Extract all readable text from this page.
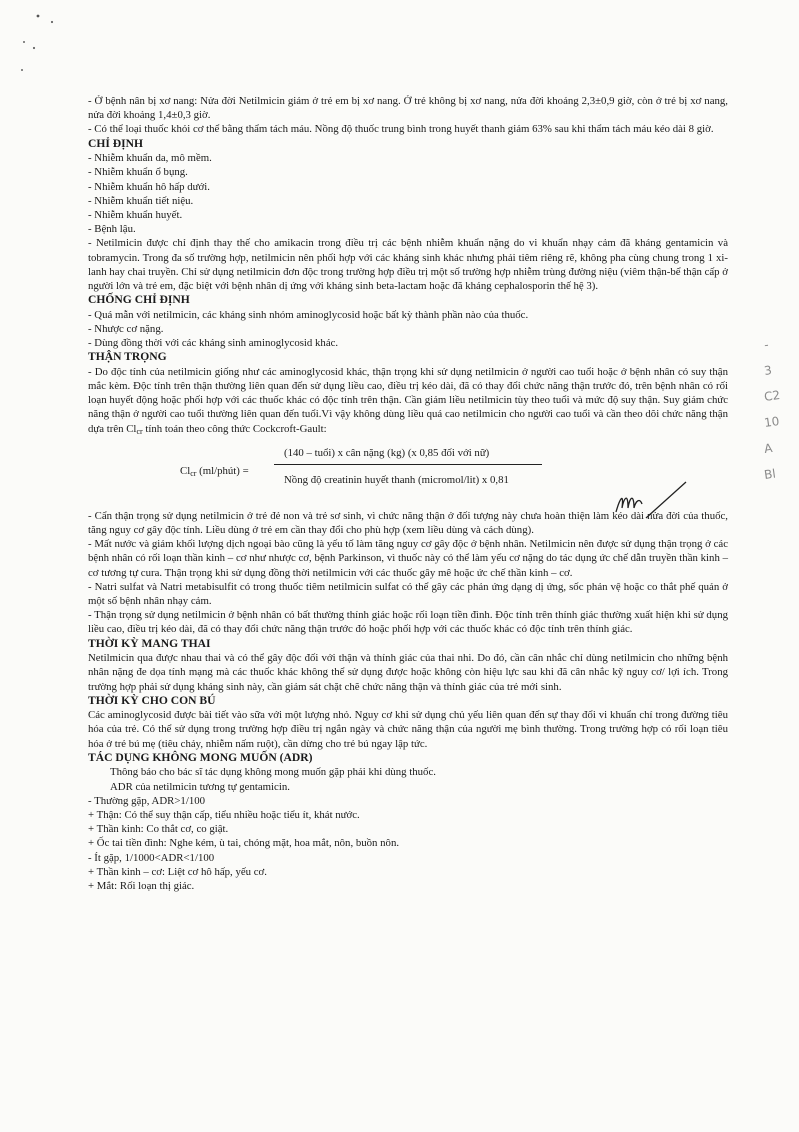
- Ở bệnh nân bị xơ nang: Nửa đời Netilmicin giảm ở trẻ em bị xơ nang. Ở trẻ không bị xơ nang, nửa đời khoảng 2,3±0,9 giờ, còn ở trẻ bị xơ nang, nửa đời khoảng 1,4±0,3 giờ.

- Có thể loại thuốc khỏi cơ thể bằng thẩm tách máu. Nồng độ thuốc trung bình trong huyết thanh giảm 63% sau khi thẩm tách máu kéo dài 8 giờ.

CHỈ ĐỊNH

- Nhiễm khuẩn da, mô mềm.

- Nhiễm khuẩn ổ bụng.

- Nhiễm khuẩn hô hấp dưới.

- Nhiễm khuẩn tiết niệu.

- Nhiễm khuẩn huyết.

- Bệnh lậu.

- Netilmicin được chỉ định thay thế cho amikacin trong điều trị các bệnh nhiễm khuẩn nặng do vi khuẩn nhạy cảm đã kháng gentamicin và tobramycin. Trong đa số trường hợp, netilmicin nên phối hợp với các kháng sinh khác nhưng phải tiêm riêng rẽ, không pha cùng chung trong 1 xi-lanh hay chai truyền. Chỉ sử dụng netilmicin đơn độc trong trường hợp điều trị một số trường hợp nhiễm trùng đường niệu (viêm thận-bể thận cấp ở người lớn và trẻ em, đặc biệt với bệnh nhân dị ứng với kháng sinh beta-lactam hoặc đã kháng cephalosporin thế hệ 3).

CHỐNG CHỈ ĐỊNH

- Quá mẫn với netilmicin, các kháng sinh nhóm aminoglycosid hoặc bất kỳ thành phần nào của thuốc.

- Nhược cơ nặng.

- Dùng đồng thời với các kháng sinh aminoglycosid khác.

THẬN TRỌNG

- Do độc tính của netilmicin giống như các aminoglycosid khác, thận trọng khi sử dụng netilmicin ở người cao tuổi hoặc ở bệnh nhân có suy thận mắc kèm. Độc tính trên thận thường liên quan đến sử dụng liều cao, điều trị kéo dài, đã có thay đổi chức năng thận trước đó, trên bệnh nhân có rối loạn huyết động hoặc phối hợp với các thuốc khác có độc tính trên thận. Cần giảm liều netilmicin tùy theo tuổi và mức độ suy thận. Suy giảm chức năng thận ở người cao tuổi thường liên quan đến tuổi.Vì vậy không dùng liều quá cao netilmicin cho người cao tuổi và cần theo dõi chức năng thận dựa trên $Cl_{cr}$ tính toán theo công thức Cockcroft-Gault:

$Cl_{cr}$ (ml/phút) =
(140 – tuổi) x cân nặng (kg) (x 0,85 đối với nữ)
Nồng độ creatinin huyết thanh (micromol/lit) x 0,81

- Cẩn thận trọng sử dụng netilmicin ở trẻ đẻ non và trẻ sơ sinh, vì chức năng thận ở đối tượng này chưa hoàn thiện làm kéo dài nửa đời của thuốc, tăng nguy cơ gây độc tính. Liều dùng ở trẻ em cần thay đổi cho phù hợp (xem liều dùng và cách dùng).

- Mất nước và giảm khối lượng dịch ngoại bào cũng là yếu tố làm tăng nguy cơ gây độc ở bệnh nhân. Netilmicin nên được sử dụng thận trọng ở các bệnh nhân có rối loạn thần kinh – cơ như nhược cơ, bệnh Parkinson, vì thuốc này có thể làm yếu cơ nặng do tác dụng ức chế dẫn truyền thần kinh – cơ tương tự cura. Thận trọng khi sử dụng đồng thời netilmicin với các thuốc gây mê hoặc ức chế thần kinh – cơ.

- Natri sulfat và Natri metabisulfit có trong thuốc tiêm netilmicin sulfat có thể gây các phản ứng dạng dị ứng, sốc phản vệ hoặc co thắt phế quản ở một số bệnh nhân nhạy cảm.

- Thận trọng sử dụng netilmicin ở bệnh nhân có bất thường thính giác hoặc rối loạn tiền đình. Độc tính trên thính giác thường xuất hiện khi sử dụng liều cao, điều trị kéo dài, đã có thay đổi chức năng thận trước đó hoặc phối hợp với các thuốc khác có độc tính trên thính giác.

THỜI KỲ MANG THAI

Netilmicin qua được nhau thai và có thể gây độc đối với thận và thính giác của thai nhi. Do đó, cần cân nhắc chỉ dùng netilmicin cho những bệnh nhân nặng đe dọa tính mạng mà các thuốc khác không thể sử dụng được hoặc không còn hiệu lực sau khi đã cân nhắc kỹ nguy cơ/ lợi ích. Trong trường hợp phải sử dụng kháng sinh này, cần giảm sát chặt chẽ chức năng thận và thính giác của trẻ mới sinh.

THỜI KỲ CHO CON BÚ

Các aminoglycosid được bài tiết vào sữa với một lượng nhỏ. Nguy cơ khi sử dụng chủ yếu liên quan đến sự thay đổi vi khuẩn chí trong đường tiêu hóa của trẻ. Có thể sử dụng trong trường hợp điều trị ngắn ngày và chức năng thận của người mẹ bình thường. Trong trường hợp có rối loạn tiêu hóa ở trẻ bú mẹ (tiêu chảy, nhiễm nấm ruột), cần dừng cho trẻ bú ngay lập tức.

TÁC DỤNG KHÔNG MONG MUỐN (ADR)

Thông báo cho bác sĩ tác dụng không mong muốn gặp phải khi dùng thuốc.

ADR của netilmicin tương tự gentamicin.

- Thường gặp, ADR>1/100

+ Thận: Có thể suy thận cấp, tiểu nhiều hoặc tiểu ít, khát nước.

+ Thần kinh: Co thắt cơ, co giật.

+ Ốc tai tiền đình: Nghe kém, ù tai, chóng mặt, hoa mắt, nôn, buồn nôn.

- Ít gặp, 1/1000<ADR<1/100

+ Thần kinh – cơ: Liệt cơ hô hấp, yếu cơ.

+ Mắt: Rối loạn thị giác.

-
3
C2
10
A
Bl
